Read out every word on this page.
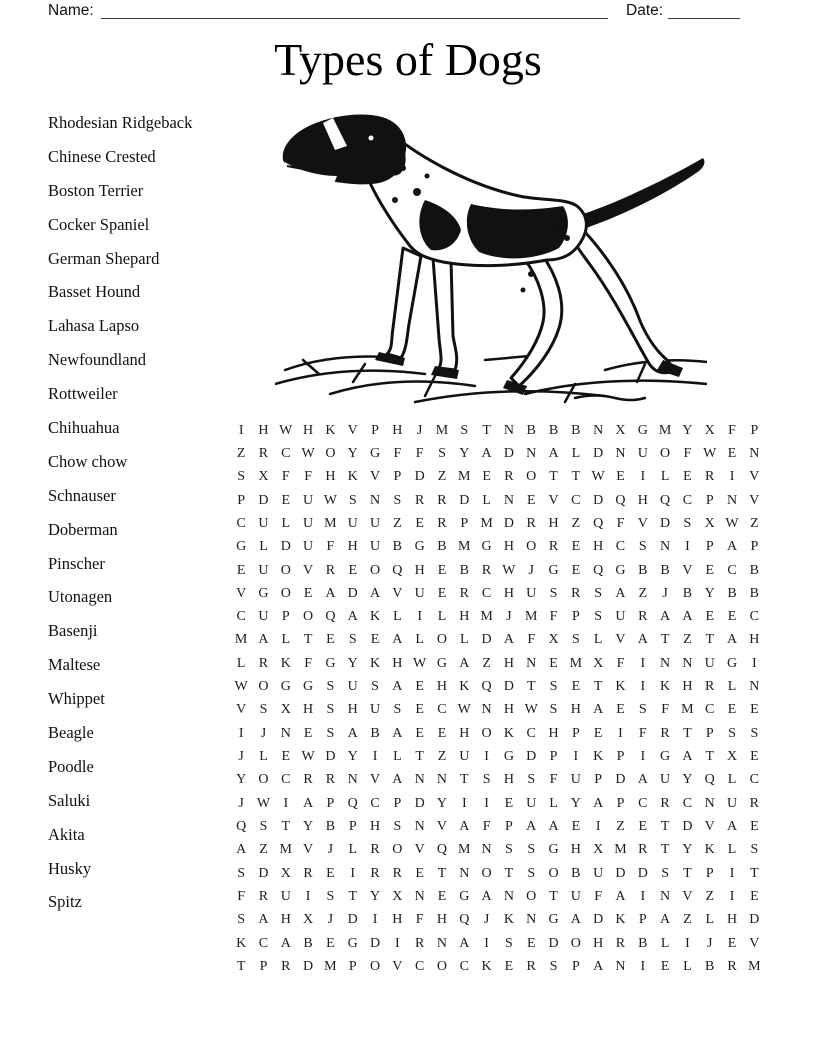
Name:	Date:
Types of Dogs
Rhodesian Ridgeback
Chinese Crested
Boston Terrier
Cocker Spaniel
German Shepard
Basset Hound
Lahasa Lapso
Newfoundland
Rottweiler
Chihuahua
Chow chow
Schnauser
Doberman
Pinscher
Utonagen
Basenji
Maltese
Whippet
Beagle
Poodle
Saluki
Akita
Husky
Spitz
I	H W H K V P H	J M S	T N B B B N X G M Y X F	P
Z R C W O Y G F	F	S Y A D N A L D N U O F W E N
S X F	F H K V P D Z M E R O T T W E	I	L E R	I	V
P D E U W S N S R R D L N E V C D Q H Q C P N V
C U L U M U U Z E R P M D R H Z Q F V D S X W Z
G L D U F H U B G B M G H O R E H C S N	I	P A P
E U O V R E O Q H E B R W J	G E Q G B B V E C B
V G O E A D A V U E R C H U S R S A Z	J	B Y B B
C U P O Q A K L	I	L H M J M F	P	S U R A A E E C
M A L T E	S	E A L O L D A F X S	L V A T Z T A H
L R K F G Y K H W G A Z H N E M X F	I	N N U G	I
W O G G S U S A E H K Q D T	S	E T K	I	K H R L N
V S X H S H U S	E C W N H W S H A E	S	F M C E E
I	J	N E	S A B A E E H O K C H P	E	I	F R T	P	S	S
J	L E W D Y	I	L T Z U	I	G D P	I	K P	I	G A T X E
Y O C R R N V A N N T	S H S	F U P D A U Y Q L C
J W I	A P Q C P D Y	I	I	E U L Y A P C R C N U R
Q S	T Y B P H S N V A F	P A A E	I	Z E T D V A E
A Z M V	J	L R O V Q M N S	S G H X M R T Y K L	S
S D X R E	I	R R E T N O T	S O B U D D S	T	P	I	T
F R U	I	S	T Y X N E G A N O T U F A	I	N V Z	I	E
S A H X	J	D	I	H F H Q	J	K N G A D K P A Z L H D
K C A B E G D	I	R N A	I	S	E D O H R B L	I	J	E V
T	P R D M P O V C O C K E R S	P A N	I	E L B R M
